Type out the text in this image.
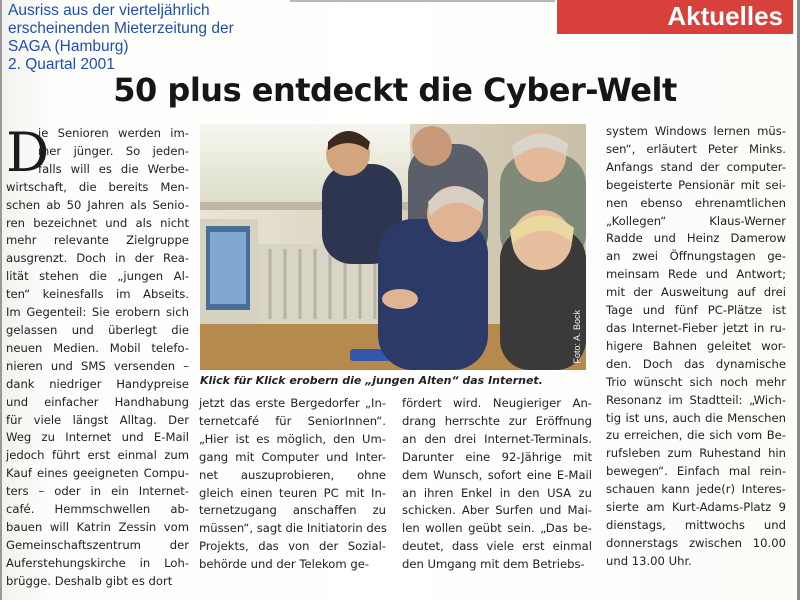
Ausriss aus der vierteljährlich
erscheinenden Mieterzeitung der
SAGA (Hamburg)
2. Quartal 2001
Aktuelles
50 plus entdeckt die Cyber-Welt
D
ie Senioren werden im-
mer jünger. So jeden-
falls will es die Werbe-
wirtschaft, die bereits Men-
schen ab 50 Jahren als Senio-
ren bezeichnet und als nicht
mehr relevante Zielgruppe
ausgrenzt. Doch in der Rea-
lität stehen die „jungen Al-
ten“ keinesfalls im Abseits.
Im Gegenteil: Sie erobern sich
gelassen und überlegt die
neuen Medien. Mobil telefo-
nieren und SMS versenden –
dank niedriger Handypreise
und einfacher Handhabung
für viele längst Alltag. Der
Weg zu Internet und E-Mail
jedoch führt erst einmal zum
Kauf eines geeigneten Compu-
ters – oder in ein Internet-
café. Hemmschwellen ab-
bauen will Katrin Zessin vom
Gemeinschaftszentrum der
Auferstehungskirche in Loh-
brügge. Deshalb gibt es dort
Foto: A. Bock
Klick für Klick erobern die „jungen Alten“ das Internet.
jetzt das erste Bergedorfer „In-
ternetcafé für SeniorInnen“.
„Hier ist es möglich, den Um-
gang mit Computer und Inter-
net auszuprobieren, ohne
gleich einen teuren PC mit In-
ternetzugang anschaffen zu
müssen“, sagt die Initiatorin des
Projekts, das von der Sozial-
behörde und der Telekom ge-
fördert wird. Neugieriger An-
drang herrschte zur Eröffnung
an den drei Internet-Terminals.
Darunter eine 92-Jährige mit
dem Wunsch, sofort eine E-Mail
an ihren Enkel in den USA zu
schicken. Aber Surfen und Mai-
len wollen geübt sein. „Das be-
deutet, dass viele erst einmal
den Umgang mit dem Betriebs-
system Windows lernen müs-
sen“, erläutert Peter Minks.
Anfangs stand der computer-
begeisterte Pensionär mit sei-
nen ebenso ehrenamtlichen
„Kollegen“ Klaus-Werner
Radde und Heinz Damerow
an zwei Öffnungstagen ge-
meinsam Rede und Antwort;
mit der Ausweitung auf drei
Tage und fünf PC-Plätze ist
das Internet-Fieber jetzt in ru-
higere Bahnen geleitet wor-
den. Doch das dynamische
Trio wünscht sich noch mehr
Resonanz im Stadtteil: „Wich-
tig ist uns, auch die Menschen
zu erreichen, die sich vom Be-
rufsleben zum Ruhestand hin
bewegen“. Einfach mal rein-
schauen kann jede(r) Interes-
sierte am Kurt-Adams-Platz 9
dienstags, mittwochs und
donnerstags zwischen 10.00
und 13.00 Uhr.
